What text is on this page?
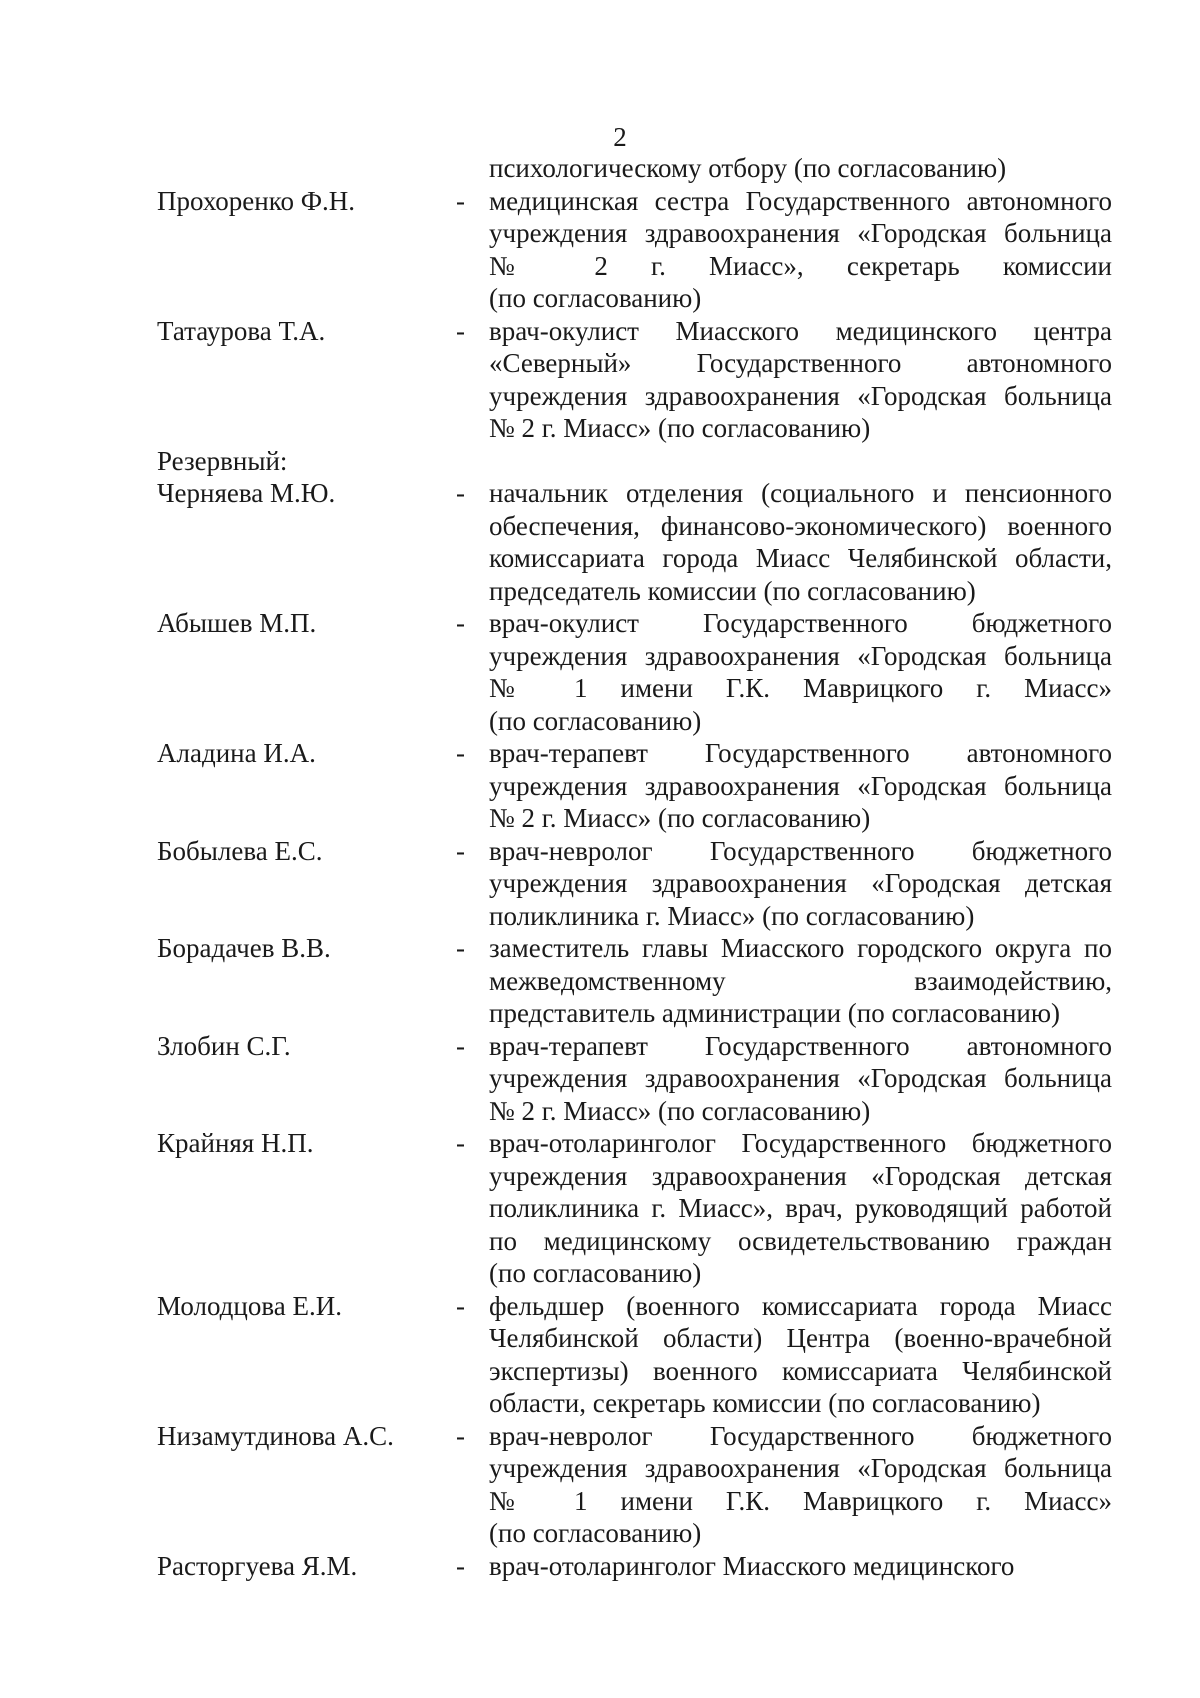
2
психологическому отбору (по согласованию)
Прохоренко Ф.Н.	- медицинская сестра Государственного автономного
учреждения здравоохранения «Городская больница
№ 2 г. Миасс», секретарь комиссии
(по согласованию)
Татаурова Т.А.	- врач-окулист Миасского медицинского центра
«Северный» Государственного автономного
учреждения здравоохранения «Городская больница
№ 2 г. Миасс» (по согласованию)
Резервный:
Черняева М.Ю.	- начальник отделения (социального и пенсионного
обеспечения, финансово-экономического) военного
комиссариата города Миасс Челябинской области,
председатель комиссии (по согласованию)
Абышев М.П.	- врач-окулист Государственного бюджетного
учреждения здравоохранения «Городская больница
№ 1 имени Г.К. Маврицкого г. Миасс»
(по согласованию)
Аладина И.А.	- врач-терапевт Государственного автономного
учреждения здравоохранения «Городская больница
№ 2 г. Миасс» (по согласованию)
Бобылева Е.С.	- врач-невролог Государственного бюджетного
учреждения здравоохранения «Городская детская
поликлиника г. Миасс» (по согласованию)
Борадачев В.В.	- заместитель главы Миасского городского округа по
межведомственному взаимодействию,
представитель администрации (по согласованию)
Злобин С.Г.	- врач-терапевт Государственного автономного
учреждения здравоохранения «Городская больница
№ 2 г. Миасс» (по согласованию)
Крайняя Н.П.	- врач-отоларинголог Государственного бюджетного
учреждения здравоохранения «Городская детская
поликлиника г. Миасс», врач, руководящий работой
по медицинскому освидетельствованию граждан
(по согласованию)
Молодцова Е.И.	- фельдшер (военного комиссариата города Миасс
Челябинской области) Центра (военно-врачебной
экспертизы) военного комиссариата Челябинской
области, секретарь комиссии (по согласованию)
Низамутдинова А.С. - врач-невролог Государственного бюджетного
учреждения здравоохранения «Городская больница
№ 1 имени Г.К. Маврицкого г. Миасс»
(по согласованию)
Расторгуева Я.М.	- врач-отоларинголог Миасского медицинского
